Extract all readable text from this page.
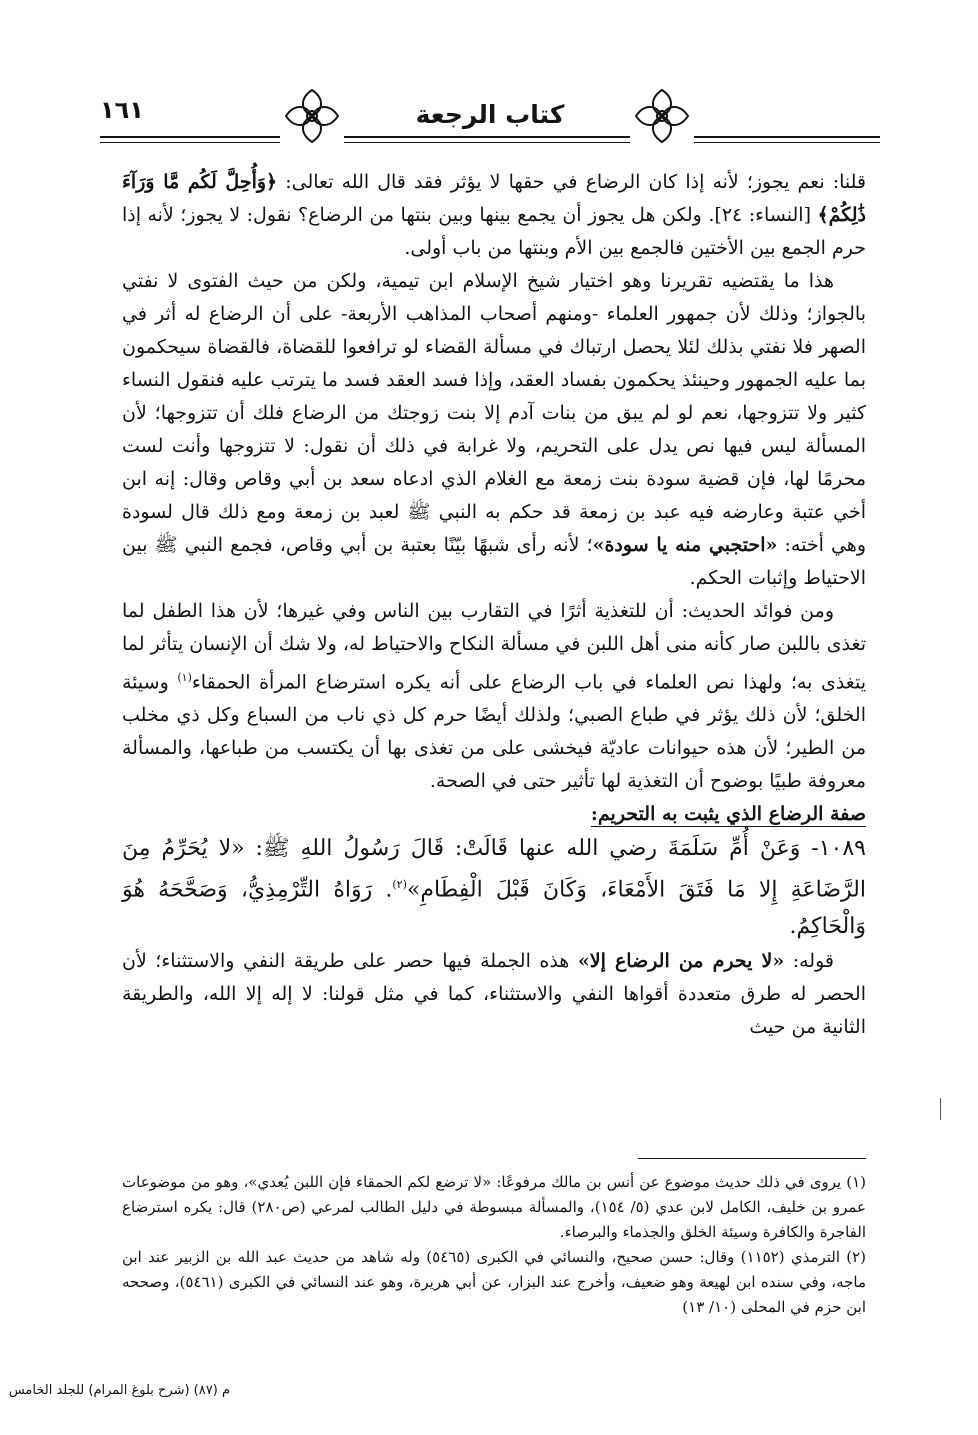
١٦١	كتاب الرجعة

قلنا: نعم يجوز؛ لأنه إذا كان الرضاع في حقها لا يؤثر فقد قال الله تعالى: ﴿وَأُحِلَّ لَكُم مَّا وَرَآءَ ذَٰلِكُمْ﴾ [النساء: ٢٤]. ولكن هل يجوز أن يجمع بينها وبين بنتها من الرضاع؟ نقول: لا يجوز؛ لأنه إذا حرم الجمع بين الأختين فالجمع بين الأم وبنتها من باب أولى.

هذا ما يقتضيه تقريرنا وهو اختيار شيخ الإسلام ابن تيمية، ولكن من حيث الفتوى لا نفتي بالجواز؛ وذلك لأن جمهور العلماء -ومنهم أصحاب المذاهب الأربعة- على أن الرضاع له أثر في الصهر فلا نفتي بذلك لئلا يحصل ارتباك في مسألة القضاء لو ترافعوا للقضاة، فالقضاة سيحكمون بما عليه الجمهور وحينئذ يحكمون بفساد العقد، وإذا فسد العقد فسد ما يترتب عليه فنقول النساء كثير ولا تتزوجها، نعم لو لم يبق من بنات آدم إلا بنت زوجتك من الرضاع فلك أن تتزوجها؛ لأن المسألة ليس فيها نص يدل على التحريم، ولا غرابة في ذلك أن نقول: لا تتزوجها وأنت لست محرمًا لها، فإن قضية سودة بنت زمعة مع الغلام الذي ادعاه سعد بن أبي وقاص وقال: إنه ابن أخي عتبة وعارضه فيه عبد بن زمعة قد حكم به النبي ﷺ لعبد بن زمعة ومع ذلك قال لسودة وهي أخته: «احتجبي منه يا سودة»؛ لأنه رأى شبهًا بيّنًا بعتبة بن أبي وقاص، فجمع النبي ﷺ بين الاحتياط وإثبات الحكم.

ومن فوائد الحديث: أن للتغذية أثرًا في التقارب بين الناس وفي غيرها؛ لأن هذا الطفل لما تغذى باللبن صار كأنه منى أهل اللبن في مسألة النكاح والاحتياط له، ولا شك أن الإنسان يتأثر لما يتغذى به؛ ولهذا نص العلماء في باب الرضاع على أنه يكره استرضاع المرأة الحمقاء$^{(١)}$ وسيئة الخلق؛ لأن ذلك يؤثر في طباع الصبي؛ ولذلك أيضًا حرم كل ذي ناب من السباع وكل ذي مخلب من الطير؛ لأن هذه حيوانات عاديّة فيخشى على من تغذى بها أن يكتسب من طباعها، والمسألة معروفة طبيًا بوضوح أن التغذية لها تأثير حتى في الصحة.

صفة الرضاع الذي يثبت به التحريم:

١٠٨٩- وَعَنْ أُمِّ سَلَمَةَ رضي الله عنها قَالَتْ: قَالَ رَسُولُ اللهِ ﷺ: «لا يُحَرِّمُ مِنَ الرَّضَاعَةِ إِلا مَا فَتَقَ الأَمْعَاءَ، وَكَانَ قَبْلَ الْفِطَامِ»$^{(٢)}$. رَوَاهُ التِّرْمِذِيُّ، وَصَحَّحَهُ هُوَ وَالْحَاكِمُ.

قوله: «لا يحرم من الرضاع إلا» هذه الجملة فيها حصر على طريقة النفي والاستثناء؛ لأن الحصر له طرق متعددة أقواها النفي والاستثناء، كما في مثل قولنا: لا إله إلا الله، والطريقة الثانية من حيث

(١) يروى في ذلك حديث موضوع عن أنس بن مالك مرفوعًا: «لا ترضع لكم الحمقاء فإن اللبن يُعدي»، وهو من موضوعات عمرو بن خليف، الكامل لابن عدي (٥/ ١٥٤)، والمسألة مبسوطة في دليل الطالب لمرعي (ص٢٨٠) قال: يكره استرضاع الفاجرة والكافرة وسيئة الخلق والجذماء والبرصاء.

(٢) الترمذي (١١٥٢) وقال: حسن صحيح، والنسائي في الكبرى (٥٤٦٥) وله شاهد من حديث عبد الله بن الزبير عند ابن ماجه، وفي سنده ابن لهيعة وهو ضعيف، وأخرج عند البزار، عن أبي هريرة، وهو عند النسائي في الكبرى (٥٤٦١)، وصححه ابن حزم في المحلى (١٠/ ١٣)

م (٨٧) (شرح بلوغ المرام) للجلد الخامس
